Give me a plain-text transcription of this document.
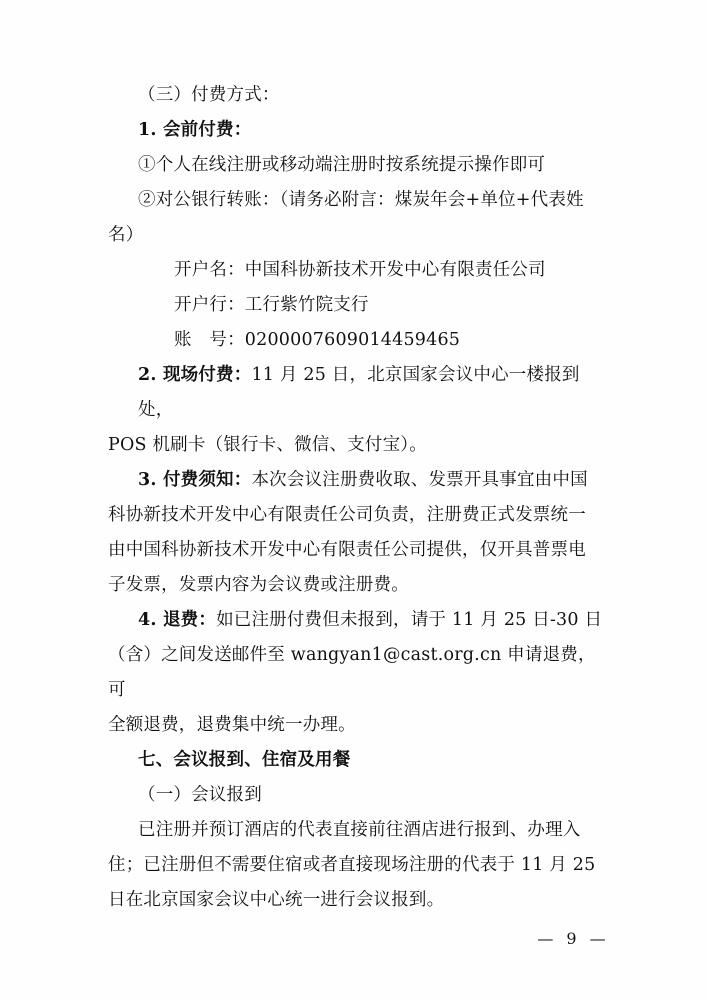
（三）付费方式：

1. 会前付费：

①个人在线注册或移动端注册时按系统提示操作即可

②对公银行转账：（请务必附言：煤炭年会+单位+代表姓

名）

开户名：中国科协新技术开发中心有限责任公司

开户行：工行紫竹院支行

账　号：0200007609014459465

2. 现场付费：11 月 25 日，北京国家会议中心一楼报到处，

POS 机刷卡（银行卡、微信、支付宝）。

3. 付费须知：本次会议注册费收取、发票开具事宜由中国

科协新技术开发中心有限责任公司负责，注册费正式发票统一

由中国科协新技术开发中心有限责任公司提供，仅开具普票电

子发票，发票内容为会议费或注册费。

4. 退费：如已注册付费但未报到，请于 11 月 25 日-30 日

（含）之间发送邮件至 wangyan1@cast.org.cn 申请退费，可

全额退费，退费集中统一办理。

七、会议报到、住宿及用餐

（一）会议报到

已注册并预订酒店的代表直接前往酒店进行报到、办理入

住；已注册但不需要住宿或者直接现场注册的代表于 11 月 25

日在北京国家会议中心统一进行会议报到。

— 9 —
